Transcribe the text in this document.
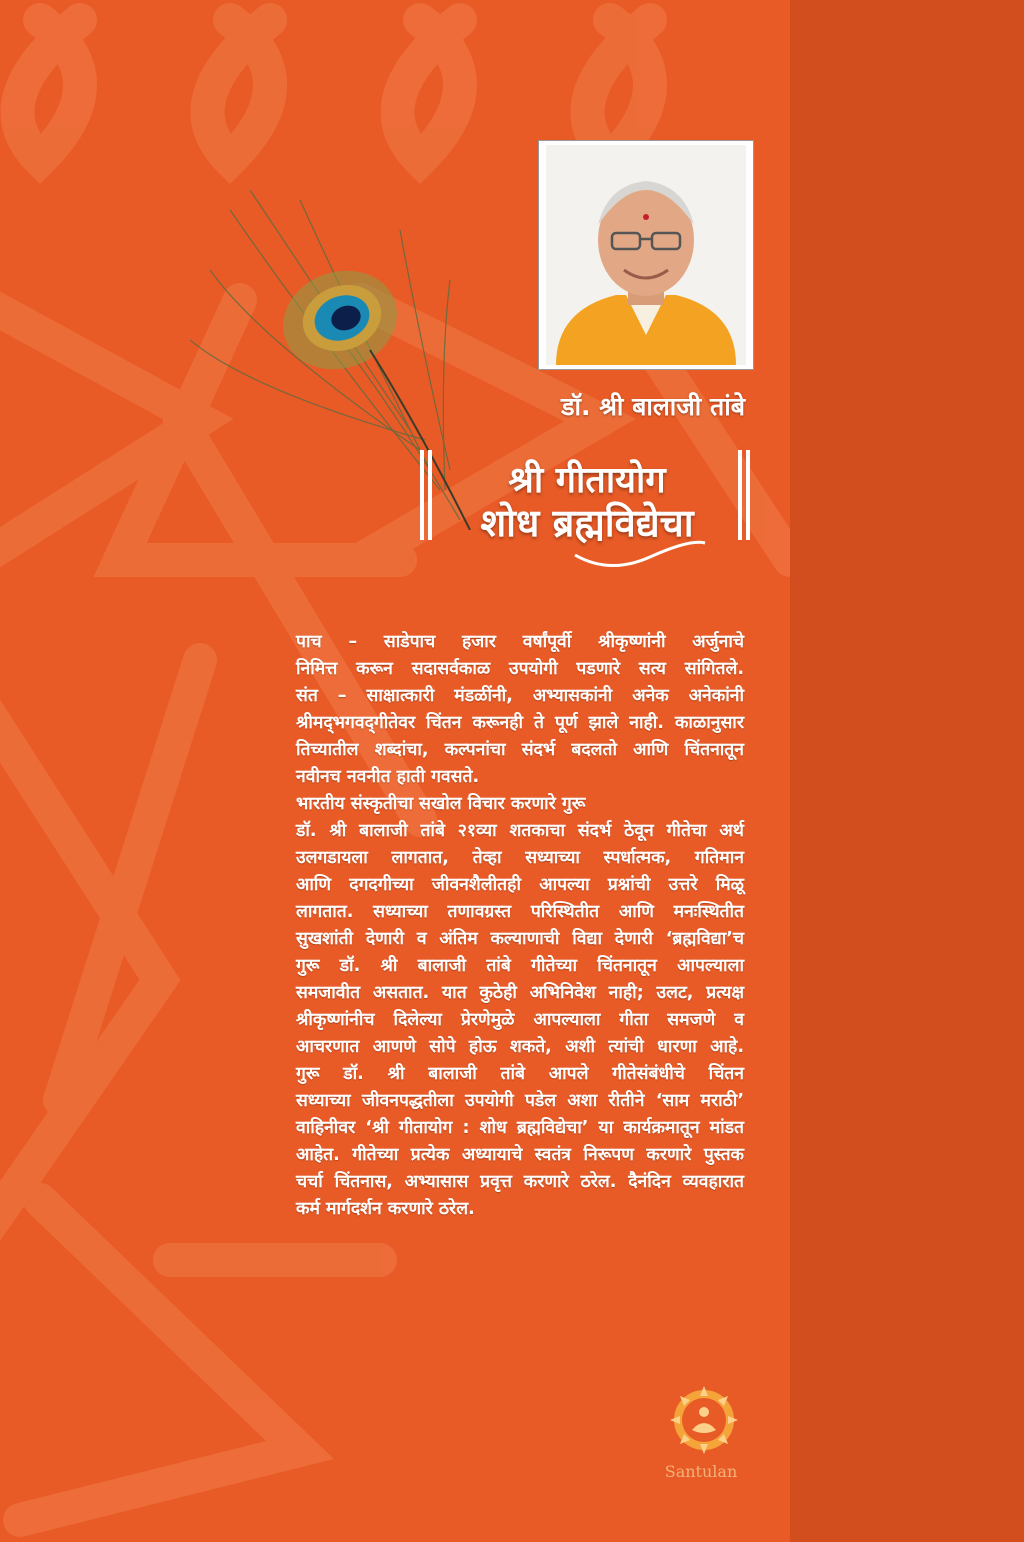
डॉ. श्री बालाजी तांबे
श्री गीतायोग
शोध ब्रह्मविद्येचा

पाच – साडेपाच हजार वर्षांपूर्वी श्रीकृष्णांनी अर्जुनाचे

निमित्त करून सदासर्वकाळ उपयोगी पडणारे सत्य सांगितले.

संत – साक्षात्कारी मंडळींनी, अभ्यासकांनी अनेक अनेकांनी

श्रीमद्‌भगवद्‌गीतेवर चिंतन करूनही ते पूर्ण झाले नाही. काळानुसार

तिच्यातील शब्दांचा, कल्पनांचा संदर्भ बदलतो आणि चिंतनातून

नवीनच नवनीत हाती गवसते.

भारतीय संस्कृतीचा सखोल विचार करणारे गुरू

डॉ. श्री बालाजी तांबे २१व्या शतकाचा संदर्भ ठेवून गीतेचा अर्थ

उलगडायला लागतात, तेव्हा सध्याच्या स्पर्धात्मक, गतिमान

आणि दगदगीच्या जीवनशैलीतही आपल्या प्रश्नांची उत्तरे मिळू

लागतात. सध्याच्या तणावग्रस्त परिस्थितीत आणि मनःस्थितीत

सुखशांती देणारी व अंतिम कल्याणाची विद्या देणारी ‘ब्रह्मविद्या’च

गुरू डॉ. श्री बालाजी तांबे गीतेच्या चिंतनातून आपल्याला

समजावीत असतात. यात कुठेही अभिनिवेश नाही; उलट, प्रत्यक्ष

श्रीकृष्णांनीच दिलेल्या प्रेरणेमुळे आपल्याला गीता समजणे व

आचरणात आणणे सोपे होऊ शकते, अशी त्यांची धारणा आहे.

गुरू डॉ. श्री बालाजी तांबे आपले गीतेसंबंधीचे चिंतन

सध्याच्या जीवनपद्धतीला उपयोगी पडेल अशा रीतीने ‘साम मराठी’

वाहिनीवर ‘श्री गीतायोग : शोध ब्रह्मविद्येचा’ या कार्यक्रमातून मांडत

आहेत. गीतेच्या प्रत्येक अध्यायाचे स्वतंत्र निरूपण करणारे पुस्तक

चर्चा चिंतनास, अभ्यासास प्रवृत्त करणारे ठरेल. दैनंदिन व्यवहारात

कर्म मार्गदर्शन करणारे ठरेल.

Santulan
